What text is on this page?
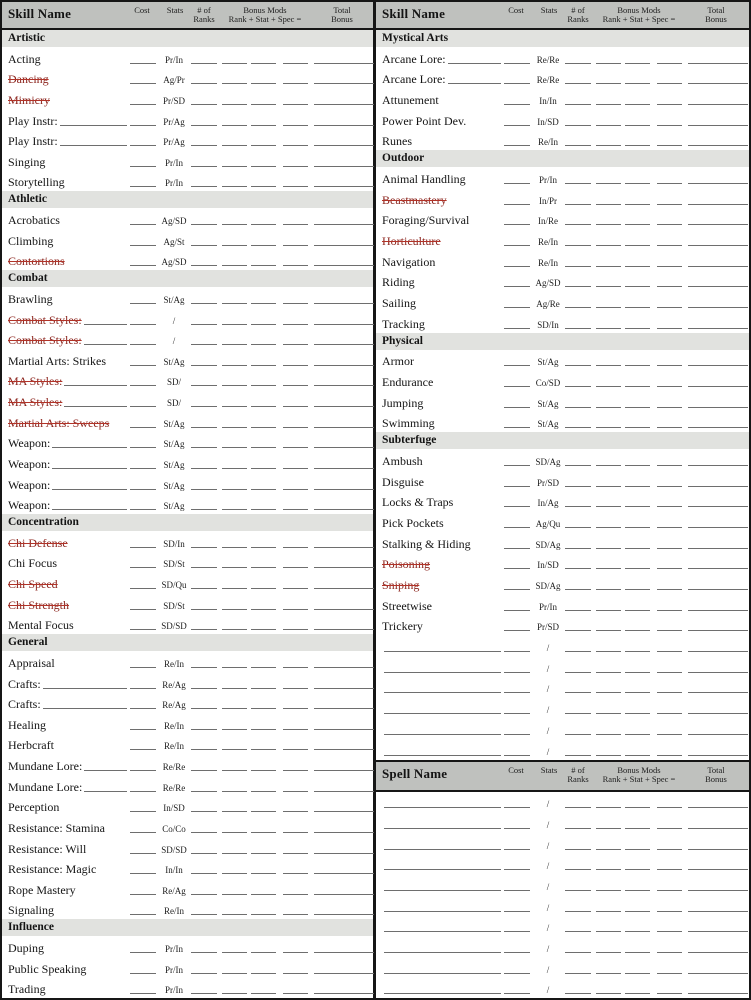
Skill Name	Cost	Stats	# of
Ranks
Bonus Mods
Rank + Stat + Spec =
Total
Bonus
Artistic
Acting	Pr/In
Dancing	Ag/Pr
Mimicry	Pr/SD
Play Instr:	Pr/Ag
Play Instr:	Pr/Ag
Singing	Pr/In
Storytelling	Pr/In
Athletic
Acrobatics	Ag/SD
Climbing	Ag/St
Contortions	Ag/SD
Combat
Brawling	St/Ag
Combat Styles:	/
Combat Styles:	/
Martial Arts: Strikes	St/Ag
MA Styles:	SD/
MA Styles:	SD/
Martial Arts: Sweeps	St/Ag
Weapon:	St/Ag
Weapon:	St/Ag
Weapon:	St/Ag
Weapon:	St/Ag
Concentration
Chi Defense	SD/In
Chi Focus	SD/St
Chi Speed	SD/Qu
Chi Strength	SD/St
Mental Focus	SD/SD
General
Appraisal	Re/In
Crafts:	Re/Ag
Crafts:	Re/Ag
Healing	Re/In
Herbcraft	Re/In
Mundane Lore:	Re/Re
Mundane Lore:	Re/Re
Perception	In/SD
Resistance: Stamina	Co/Co
Resistance: Will	SD/SD
Resistance: Magic	In/In
Rope Mastery	Re/Ag
Signaling	Re/In
Influence
Duping	Pr/In
Public Speaking	Pr/In
Trading	Pr/In
Skill Name	Cost	Stats	# of
Ranks
Bonus Mods
Rank + Stat + Spec =
Total
Bonus
Mystical Arts
Arcane Lore:	Re/Re
Arcane Lore:	Re/Re
Attunement	In/In
Power Point Dev.	In/SD
Runes	Re/In
Outdoor
Animal Handling	Pr/In
Beastmastery	In/Pr
Foraging/Survival	In/Re
Horticulture	Re/In
Navigation	Re/In
Riding	Ag/SD
Sailing	Ag/Re
Tracking	SD/In
Physical
Armor	St/Ag
Endurance	Co/SD
Jumping	St/Ag
Swimming	St/Ag
Subterfuge
Ambush	SD/Ag
Disguise	Pr/SD
Locks & Traps	In/Ag
Pick Pockets	Ag/Qu
Stalking & Hiding	SD/Ag
Poisoning	In/SD
Sniping	SD/Ag
Streetwise	Pr/In
Trickery	Pr/SD
/
/
/
/
/
/
Spell Name	Cost	Stats	# of
Ranks
Bonus Mods
Rank + Stat + Spec =
Total
Bonus
/
/
/
/
/
/
/
/
/
/
